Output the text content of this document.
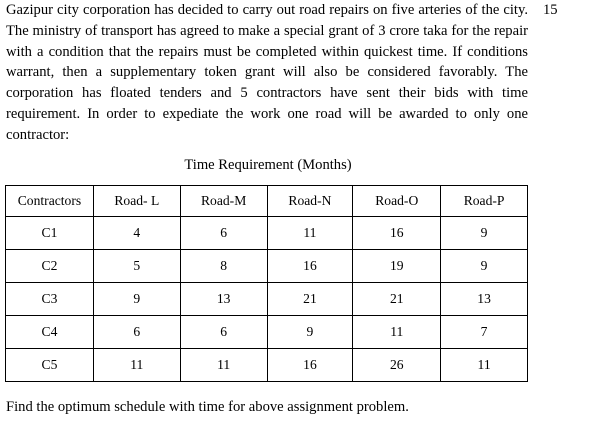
Gazipur city corporation has decided to carry out road repairs on five arteries of the city. The ministry of transport has agreed to make a special grant of 3 crore taka for the repair with a condition that the repairs must be completed within quickest time. If conditions warrant, then a supplementary token grant will also be considered favorably. The corporation has floated tenders and 5 contractors have sent their bids with time requirement. In order to expediate the work one road will be awarded to only one contractor:

15
Time Requirement (Months)
Contractors	Road- L	Road-M	Road-N	Road-O	Road-P
C1	4	6	11	16	9
C2	5	8	16	19	9
C3	9	13	21	21	13
C4	6	6	9	11	7
C5	11	11	16	26	11

Find the optimum schedule with time for above assignment problem.
